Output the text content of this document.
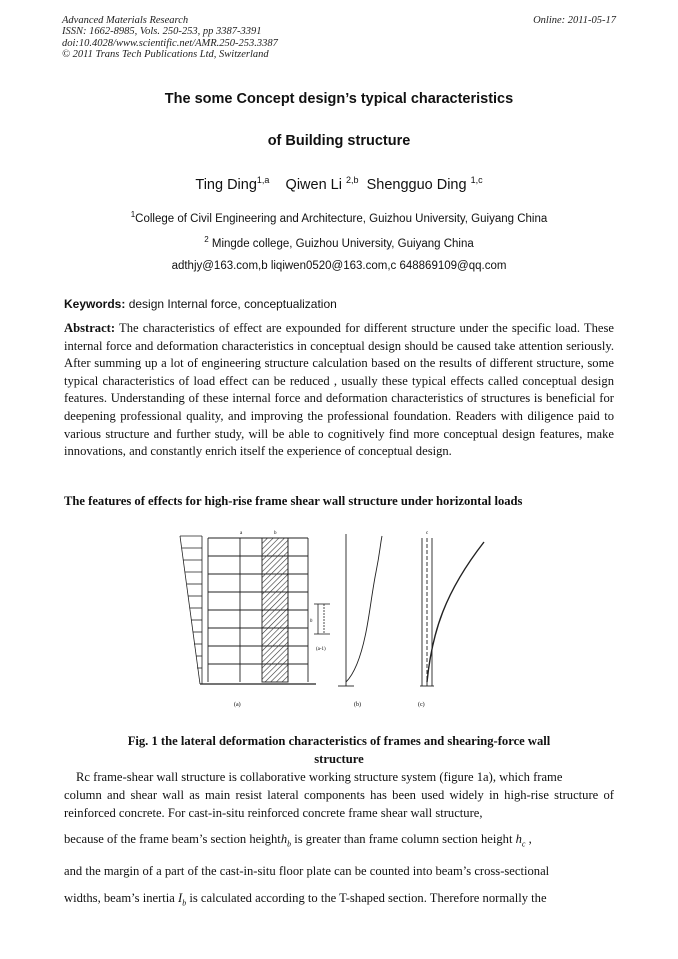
Advanced Materials Research
ISSN: 1662-8985, Vols. 250-253, pp 3387-3391
doi:10.4028/www.scientific.net/AMR.250-253.3387
© 2011 Trans Tech Publications Ltd, Switzerland
Online: 2011-05-17
The some Concept design’s typical characteristics
of Building structure
Ting Ding$^{1,a}$ Qiwen Li $^{2,b}$ Shengguo Ding $^{1,c}$
$^1$College of Civil Engineering and Architecture, Guizhou University, Guiyang China
$^2$ Mingde college, Guizhou University, Guiyang China
adthjy@163.com,b liqiwen0520@163.com,c 648869109@qq.com
Keywords: design Internal force, conceptualization
Abstract: The characteristics of effect are expounded for different structure under the specific load. These internal force and deformation characteristics in conceptual design should be caused take attention seriously. After summing up a lot of engineering structure calculation based on the results of different structure, some typical characteristics of load effect can be reduced , usually these typical effects called conceptual design features. Understanding of these internal force and deformation characteristics of structures is beneficial for deepening professional quality, and improving the professional foundation. Readers with diligence paid to various structure and further study, will be able to cognitively find more conceptual design features, make innovations, and constantly enrich itself the experience of conceptual design.
The features of effects for high-rise frame shear wall structure under horizontal loads
a	b
(a)
h
(a-1)
(b)
c
(c)
Fig. 1 the lateral deformation characteristics of frames and shearing-force wall
structure
Rc frame-shear wall structure is collaborative working structure system (figure 1a), which frame
column and shear wall as main resist lateral components has been used widely in high-rise structure of reinforced concrete. For cast-in-situ reinforced concrete frame shear wall structure,
because of the frame beam’s section heighth$_b$ is greater than frame column section height $h_c$ ,
and the margin of a part of the cast-in-situ floor plate can be counted into beam’s cross-sectional
widths, beam’s inertia $I_b$ is calculated according to the T-shaped section. Therefore normally the
